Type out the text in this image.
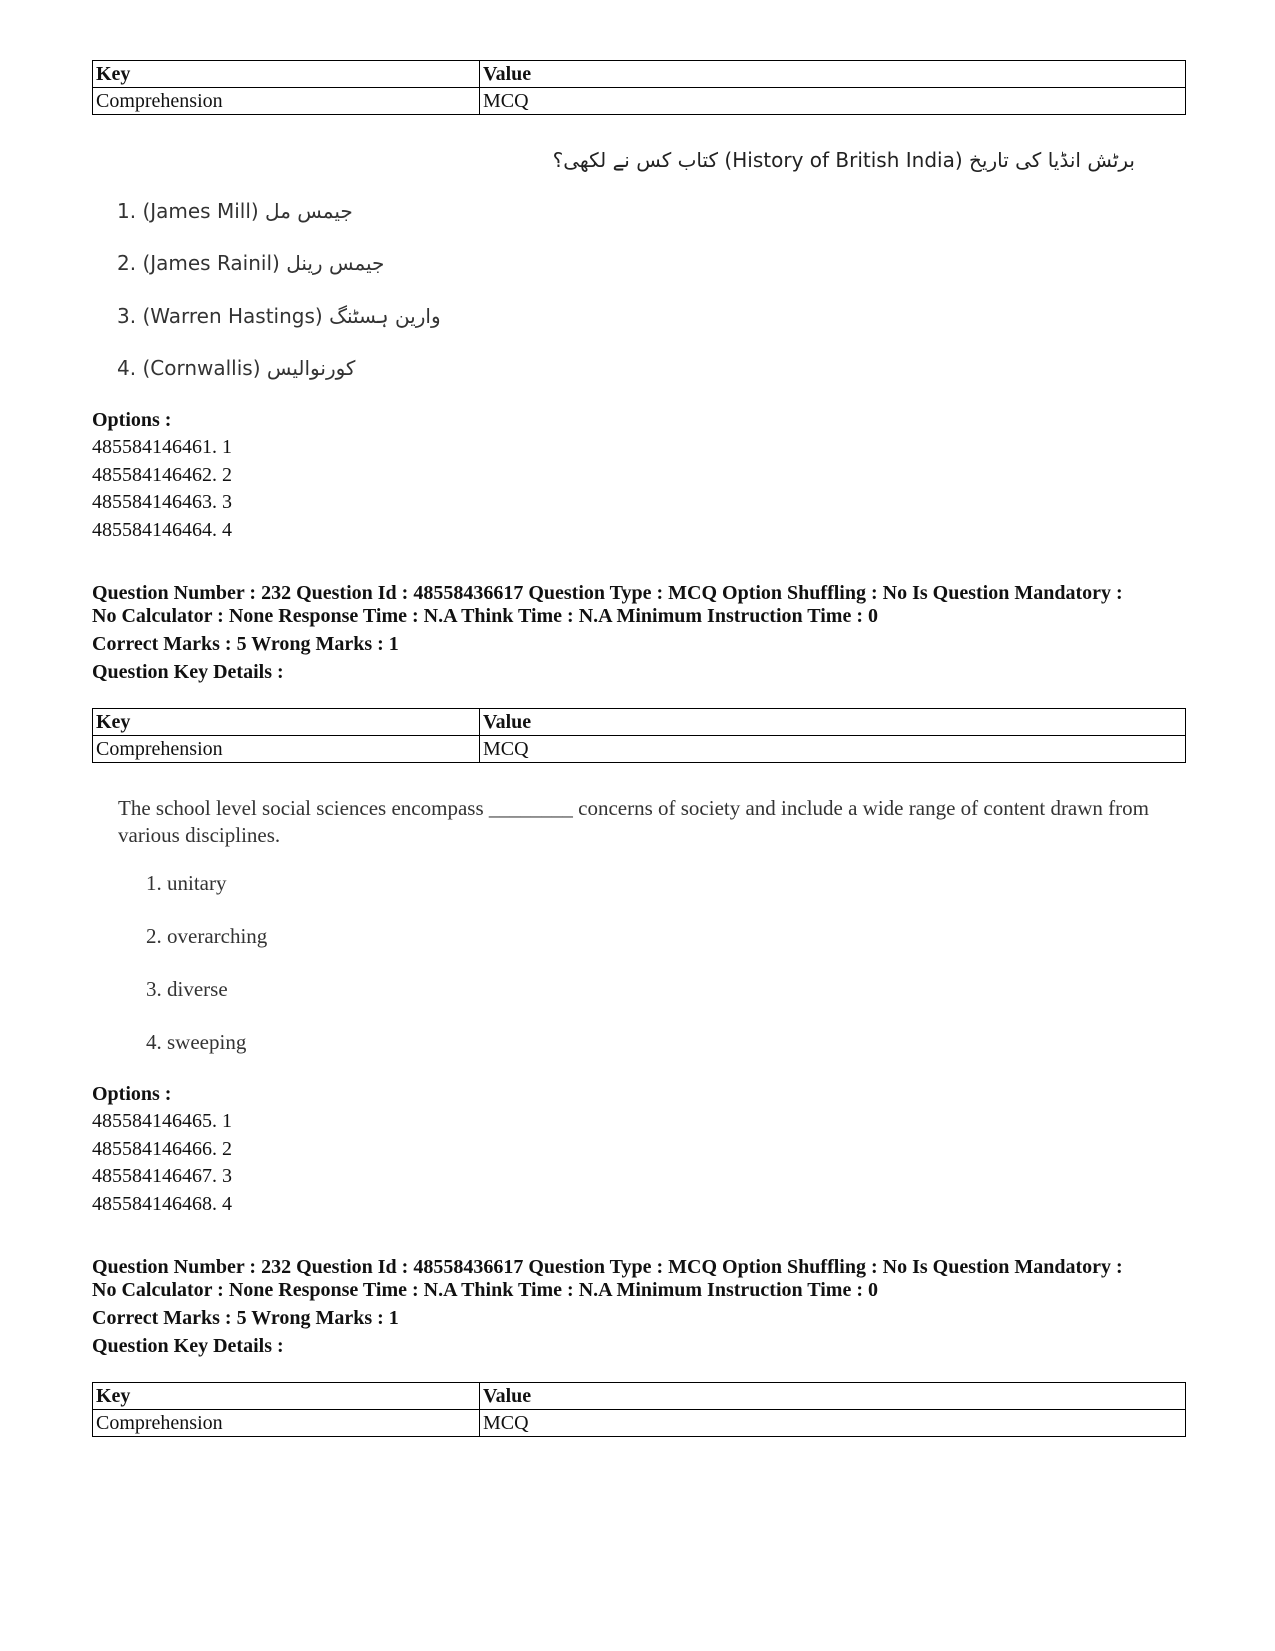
Key	Value
Comprehension	MCQ
برٹش انڈیا کی تاریخ (History of British India) کتاب کس نے لکھی؟
1. (James Mill) جیمس مل
2. (James Rainil) جیمس رینل
3. (Warren Hastings) وارین ہسٹنگ
4. (Cornwallis) کورنوالیس
Options :
485584146461. 1
485584146462. 2
485584146463. 3
485584146464. 4
Question Number : 232 Question Id : 48558436617 Question Type : MCQ Option Shuffling : No Is Question Mandatory :
No Calculator : None Response Time : N.A Think Time : N.A Minimum Instruction Time : 0
Correct Marks : 5 Wrong Marks : 1
Question Key Details :
Key	Value
Comprehension	MCQ
The school level social sciences encompass ________ concerns of society and include a wide range of content drawn from various disciplines.
1. unitary
2. overarching
3. diverse
4. sweeping
Options :
485584146465. 1
485584146466. 2
485584146467. 3
485584146468. 4
Question Number : 232 Question Id : 48558436617 Question Type : MCQ Option Shuffling : No Is Question Mandatory :
No Calculator : None Response Time : N.A Think Time : N.A Minimum Instruction Time : 0
Correct Marks : 5 Wrong Marks : 1
Question Key Details :
Key	Value
Comprehension	MCQ
